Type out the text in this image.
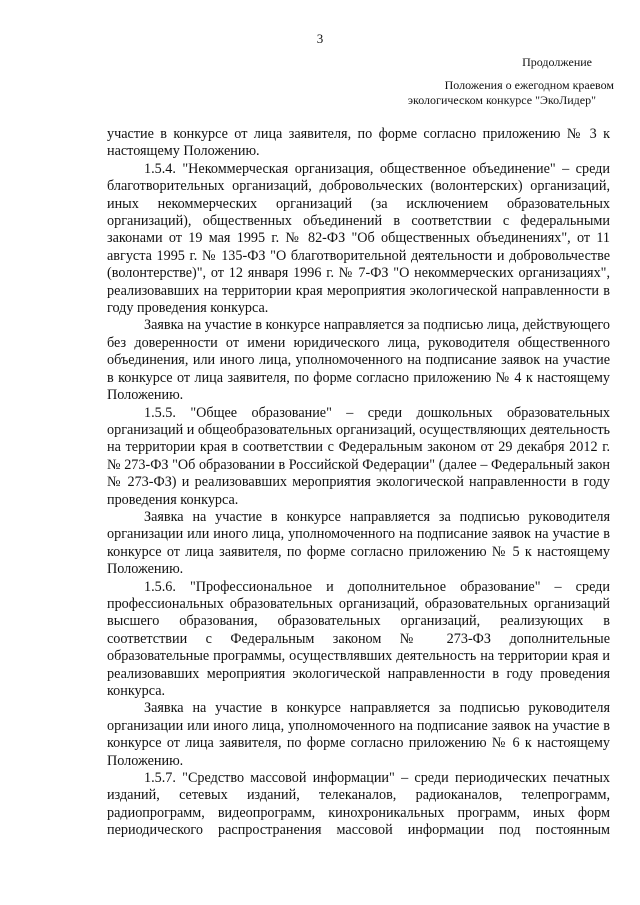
3
Продолжение
Положения о ежегодном краевом
экологическом конкурсе "ЭкоЛидер"

участие в конкурсе от лица заявителя, по форме согласно приложению № 3 к настоящему Положению.

1.5.4. "Некоммерческая организация, общественное объединение" – среди благотворительных организаций, добровольческих (волонтерских) организаций, иных некоммерческих организаций (за исключением образовательных организаций), общественных объединений в соответствии с федеральными законами от 19 мая 1995 г. № 82-ФЗ "Об общественных объединениях", от 11 августа 1995 г. № 135-ФЗ "О благотворительной деятельности и добровольчестве (волонтерстве)", от 12 января 1996 г. № 7-ФЗ "О некоммерческих организациях", реализовавших на территории края мероприятия экологической направленности в году проведения конкурса.

Заявка на участие в конкурсе направляется за подписью лица, действующего без доверенности от имени юридического лица, руководителя общественного объединения, или иного лица, уполномоченного на подписание заявок на участие в конкурсе от лица заявителя, по форме согласно приложению № 4 к настоящему Положению.

1.5.5. "Общее образование" – среди дошкольных образовательных организаций и общеобразовательных организаций, осуществляющих деятельность на территории края в соответствии с Федеральным законом от 29 декабря 2012 г. № 273-ФЗ "Об образовании в Российской Федерации" (далее – Федеральный закон № 273-ФЗ) и реализовавших мероприятия экологической направленности в году проведения конкурса.

Заявка на участие в конкурсе направляется за подписью руководителя организации или иного лица, уполномоченного на подписание заявок на участие в конкурсе от лица заявителя, по форме согласно приложению № 5 к настоящему Положению.

1.5.6. "Профессиональное и дополнительное образование" – среди профессиональных образовательных организаций, образовательных организаций высшего образования, образовательных организаций, реализующих в соответствии с Федеральным законом № 273-ФЗ дополнительные образовательные программы, осуществлявших деятельность на территории края и реализовавших мероприятия экологической направленности в году проведения конкурса.

Заявка на участие в конкурсе направляется за подписью руководителя организации или иного лица, уполномоченного на подписание заявок на участие в конкурсе от лица заявителя, по форме согласно приложению № 6 к настоящему Положению.

1.5.7. "Средство массовой информации" – среди периодических печатных изданий, сетевых изданий, телеканалов, радиоканалов, телепрограмм, радиопрограмм, видеопрограмм, кинохроникальных программ, иных форм периодического распространения массовой информации под постоянным
